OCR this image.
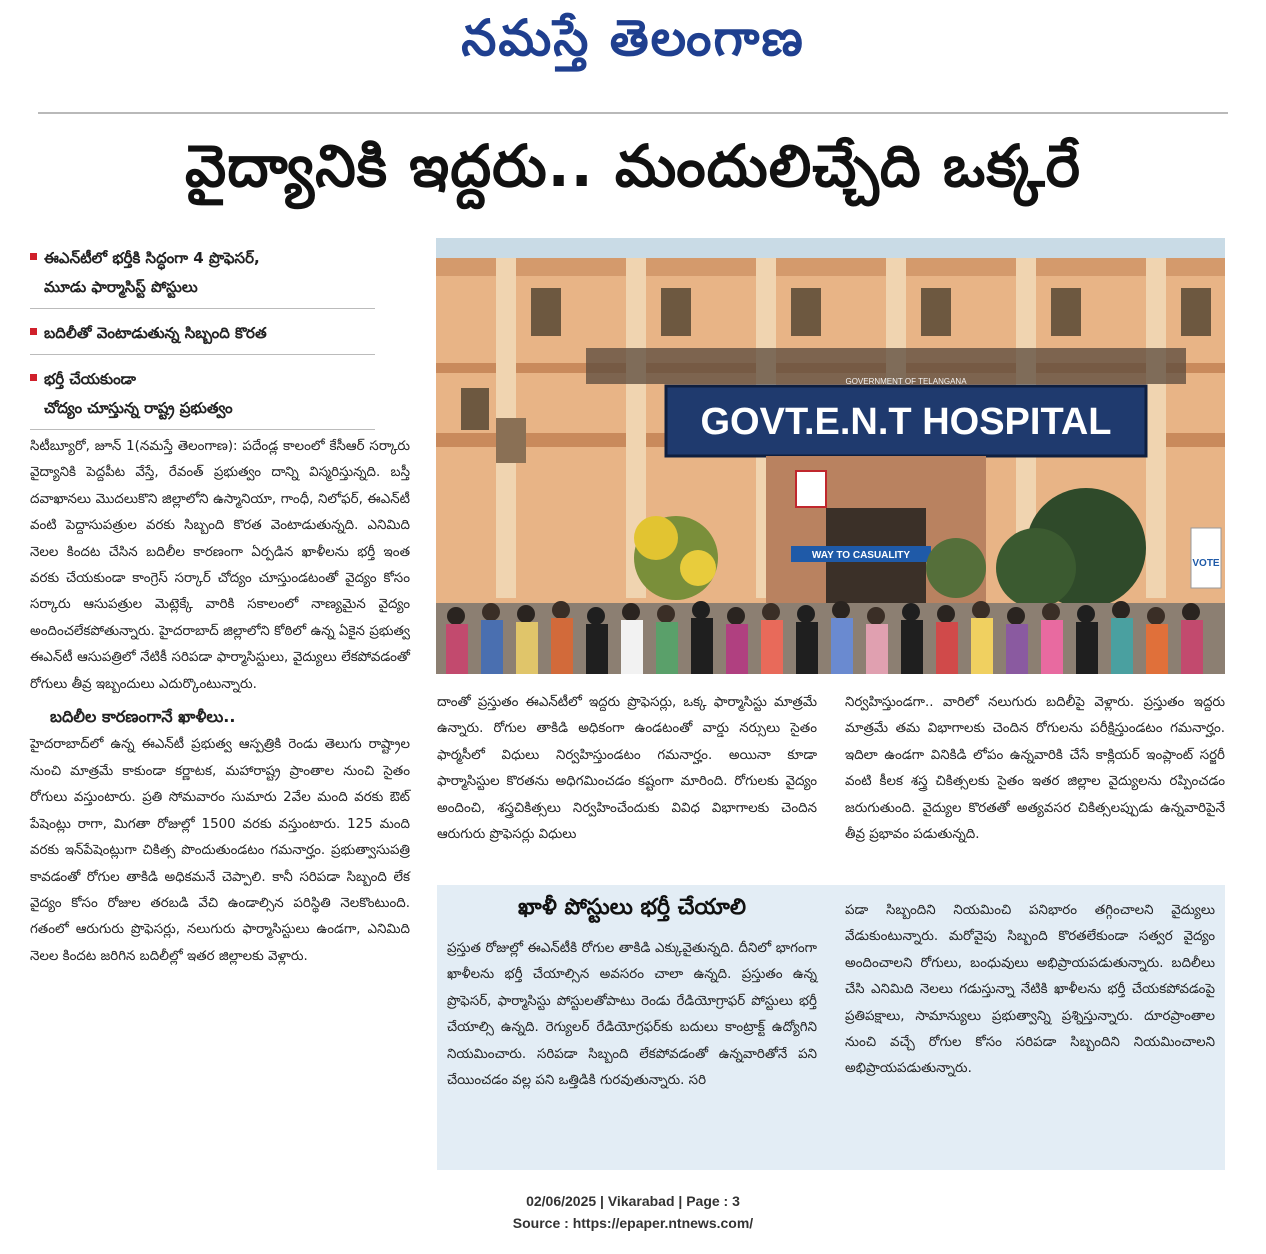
నమస్తే తెలంగాణ
వైద్యానికి ఇద్దరు.. మందులిచ్చేది ఒక్కరే
ఈఎన్‌టీలో భర్తీకి సిద్ధంగా 4 ప్రొఫెసర్,
మూడు ఫార్మాసిస్ట్‌ పోస్టులు
బదిలీతో వెంటాడుతున్న సిబ్బంది కొరత
భర్తీ చేయకుండా
చోద్యం చూస్తున్న రాష్ట్ర ప్రభుత్వం
GOVERNMENT OF TELANGANA
GOVT.E.N.T HOSPITAL
WAY TO CASUALITY
VOTE

సిటీబ్యూరో, జూన్‌ 1(నమస్తే తెలంగాణ): పదేండ్ల కాలంలో కేసీఆర్‌ సర్కారు వైద్యానికి పెద్దపీట వేస్తే, రేవంత్‌ ప్రభుత్వం దాన్ని విస్మరిస్తున్నది. బస్తీ దవాఖానలు మొదలుకొని జిల్లాలోని ఉస్మానియా, గాంధీ, నిలోఫర్‌, ఈఎన్‌టీ వంటి పెద్దాసుపత్రుల వరకు సిబ్బంది కొరత వెంటాడుతున్నది. ఎనిమిది నెలల కిందట చేసిన బదిలీల కారణంగా ఏర్పడిన ఖాళీలను భర్తీ ఇంత వరకు చేయకుండా కాంగ్రెస్‌ సర్కార్‌ చోద్యం చూస్తుండటంతో వైద్యం కోసం సర్కారు ఆసుపత్రుల మెట్లెక్కే వారికి సకాలంలో నాణ్యమైన వైద్యం అందించలేకపోతున్నారు. హైదరాబాద్‌ జిల్లాలోని కోఠిలో ఉన్న ఏకైన ప్రభుత్వ ఈఎన్‌టీ ఆసుపత్రిలో నేటికీ సరిపడా ఫార్మాసిస్టులు, వైద్యులు లేకపోవడంతో రోగులు తీవ్ర ఇబ్బందులు ఎదుర్కొంటున్నారు.

బదిలీల కారణంగానే ఖాళీలు..

హైదరాబాద్‌లో ఉన్న ఈఎన్‌టీ ప్రభుత్వ ఆస్పత్రికి రెండు తెలుగు రాష్ట్రాల నుంచి మాత్రమే కాకుండా కర్ణాటక, మహారాష్ట్ర ప్రాంతాల నుంచి సైతం రోగులు వస్తుంటారు. ప్రతి సోమవారం సుమారు 2వేల మంది వరకు ఔట్‌ పేషెంట్లు రాగా, మిగతా రోజుల్లో 1500 వరకు వస్తుంటారు. 125 మంది వరకు ఇన్‌పేషెంట్లుగా చికిత్స పొందుతుండటం గమనార్హం. ప్రభుత్వాసుపత్రి కావడంతో రోగుల తాకిడి అధికమనే చెప్పాలి. కానీ సరిపడా సిబ్బంది లేక వైద్యం కోసం రోజుల తరబడి వేచి ఉండాల్సిన పరిస్థితి నెలకొంటుంది. గతంలో ఆరుగురు ప్రొఫెసర్లు, నలుగురు ఫార్మాసిస్టులు ఉండగా, ఎనిమిది నెలల కిందట జరిగిన బదిలీల్లో ఇతర జిల్లాలకు వెళ్లారు.

దాంతో ప్రస్తుతం ఈఎన్‌టీలో ఇద్దరు ప్రొఫెసర్లు, ఒక్క ఫార్మాసిస్టు మాత్రమే ఉన్నారు. రోగుల తాకిడి అధికంగా ఉండటంతో వార్డు నర్సులు సైతం ఫార్మసీలో విధులు నిర్వహిస్తుండటం గమనార్హం. అయినా కూడా ఫార్మాసిస్టుల కొరతను అధిగమించడం కష్టంగా మారింది. రోగులకు వైద్యం అందించి, శస్త్రచికిత్సలు నిర్వహించేందుకు వివిధ విభాగాలకు చెందిన ఆరుగురు ప్రొఫెసర్లు విధులు

నిర్వహిస్తుండగా.. వారిలో నలుగురు బదిలీపై వెళ్లారు. ప్రస్తుతం ఇద్దరు మాత్రమే తమ విభాగాలకు చెందిన రోగులను పరీక్షిస్తుండటం గమనార్హం. ఇదిలా ఉండగా వినికిడి లోపం ఉన్నవారికి చేసే కాక్లియర్‌ ఇంప్లాంట్‌ సర్జరీ వంటి కీలక శస్త్ర చికిత్సలకు సైతం ఇతర జిల్లాల వైద్యులను రప్పించడం జరుగుతుంది. వైద్యుల కొరతతో అత్యవసర చికిత్సలప్పుడు ఉన్నవారిపైనే తీవ్ర ప్రభావం పడుతున్నది.

ఖాళీ పోస్టులు భర్తీ చేయాలి

ప్రస్తుత రోజుల్లో ఈఎన్‌టీకి రోగుల తాకిడి ఎక్కువైతున్నది. దీనిలో భాగంగా ఖాళీలను భర్తీ చేయాల్సిన అవసరం చాలా ఉన్నది. ప్రస్తుతం ఉన్న ప్రొఫెసర్‌, ఫార్మాసిస్టు పోస్టులతోపాటు రెండు రేడియోగ్రాఫర్‌ పోస్టులు భర్తీ చేయాల్సి ఉన్నది. రెగ్యులర్‌ రేడియోగ్రఫర్‌కు బదులు కాంట్రాక్ట్‌ ఉద్యోగిని నియమించారు. సరిపడా సిబ్బంది లేకపోవడంతో ఉన్నవారితోనే పని చేయించడం వల్ల పని ఒత్తిడికి గురవుతున్నారు. సరి

పడా సిబ్బందిని నియమించి పనిభారం తగ్గించాలని వైద్యులు వేడుకుంటున్నారు. మరోవైపు సిబ్బంది కొరతలేకుండా సత్వర వైద్యం అందించాలని రోగులు, బంధువులు అభిప్రాయపడుతున్నారు. బదిలీలు చేసి ఎనిమిది నెలలు గడుస్తున్నా నేటికి ఖాళీలను భర్తీ చేయకపోవడంపై ప్రతిపక్షాలు, సామాన్యులు ప్రభుత్వాన్ని ప్రశ్నిస్తున్నారు. దూరప్రాంతాల నుంచి వచ్చే రోగుల కోసం సరిపడా సిబ్బందిని నియమించాలని అభిప్రాయపడుతున్నారు.

02/06/2025 | Vikarabad | Page : 3
Source : https://epaper.ntnews.com/
